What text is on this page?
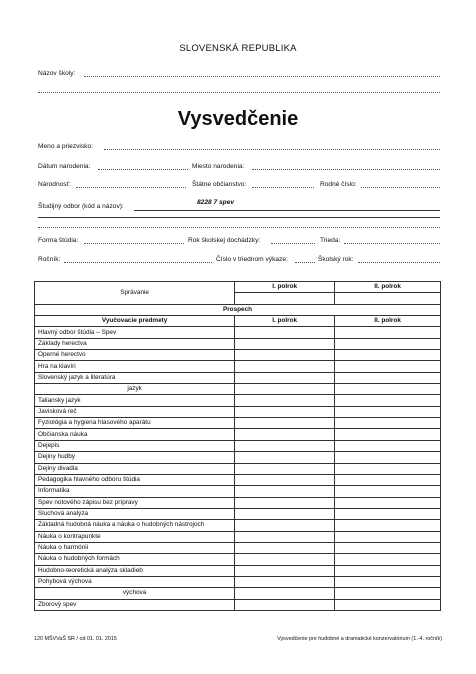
SLOVENSKÁ REPUBLIKA
Názov školy:
Vysvedčenie
Meno a priezvisko:
Dátum narodenia:	Miesto narodenia:
Národnosť:	Štátne občianstvo:	Rodné číslo:
Študijný odbor (kód a názov):
8228 7 spev
Forma štúdia:	Rok školskej dochádzky:	Trieda:
Ročník:	Číslo v triednom výkaze:	Školský rok:
Správanie	I. polrok	II. polrok

Prospech		
Vyučovacie predmety	I. polrok	II. polrok
Hlavný odbor štúdia – Spev		
Základy herectva		
Operné herectvo		
Hra na klavíri		
Slovenský jazyk a literatúra		
jazyk		
Taliansky jazyk		
Javisková reč		
Fyziológia a hygiena hlasového aparátu		
Občianska náuka		
Dejepis		
Dejiny hudby		
Dejiny divadla		
Pedagogika hlavného odboru štúdia		
Informatika		
Spev notového zápisu bez prípravy		
Sluchová analýza		
Základná hudobná náuka a náuka o hudobných nástrojoch		
Náuka o kontrapunkte		
Náuka o harmónii		
Náuka o hudobných formách		
Hudobno-teoretická analýza skladieb		
Pohybová výchova		
výchova		
Zborový spev		
120 MŠVVaŠ SR / od 01. 01. 2015	Vysvedčenie pre hudobné a dramatické konzervatórium (1.-4. ročník)
